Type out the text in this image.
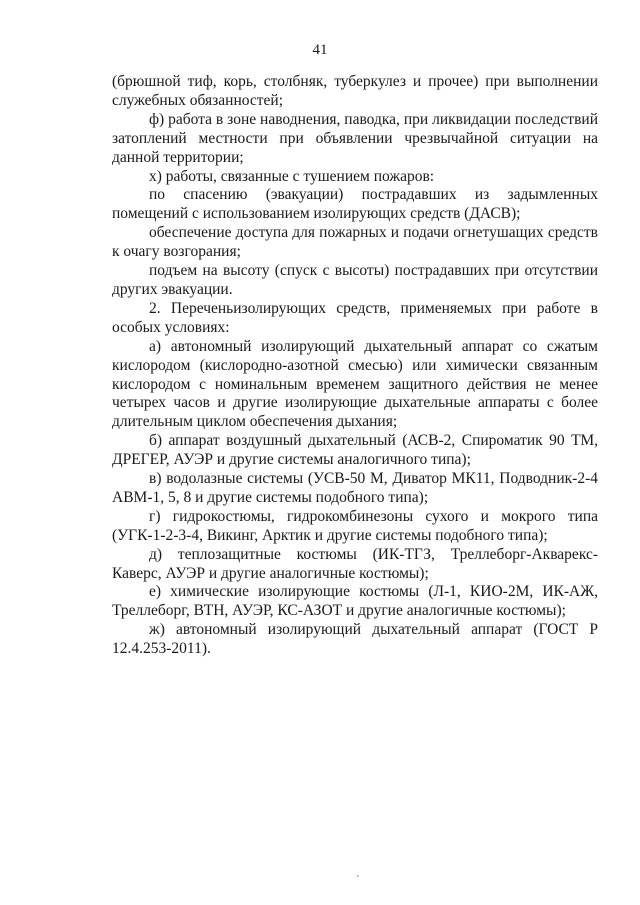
41

(брюшной тиф, корь, столбняк, туберкулез и прочее) при выполнении служебных обязанностей;

ф) работа в зоне наводнения, паводка, при ликвидации последствий затоплений местности при объявлении чрезвычайной ситуации на данной территории;

х) работы, связанные с тушением пожаров:

по спасению (эвакуации) пострадавших из задымленных помещений с использованием изолирующих средств (ДАСВ);

обеспечение доступа для пожарных и подачи огнетушащих средств к очагу возгорания;

подъем на высоту (спуск с высоты) пострадавших при отсутствии других эвакуации.

2. Переченьизолирующих средств, применяемых при работе в особых условиях:

а) автономный изолирующий дыхательный аппарат со сжатым кислородом (кислородно-азотной смесью) или химически связанным кислородом с номинальным временем защитного действия не менее четырех часов и другие изолирующие дыхательные аппараты с более длительным циклом обеспечения дыхания;

б) аппарат воздушный дыхательный (АСВ-2, Спироматик 90 ТМ, ДРЕГЕР, АУЭР и другие системы аналогичного типа);

в) водолазные системы (УСВ-50 М, Диватор МК11, Подводник-2-4 АВМ-1, 5, 8 и другие системы подобного типа);

г) гидрокостюмы, гидрокомбинезоны сухого и мокрого типа (УГК-1-2-3-4, Викинг, Арктик и другие системы подобного типа);

д) теплозащитные костюмы (ИК-ТГЗ, Треллеборг-Акварекс-Каверс, АУЭР и другие аналогичные костюмы);

е) химические изолирующие костюмы (Л-1, КИО-2М, ИК-АЖ, Треллеборг, ВТН, АУЭР, КС-АЗОТ и другие аналогичные костюмы);

ж) автономный изолирующий дыхательный аппарат (ГОСТ Р 12.4.253-2011).
